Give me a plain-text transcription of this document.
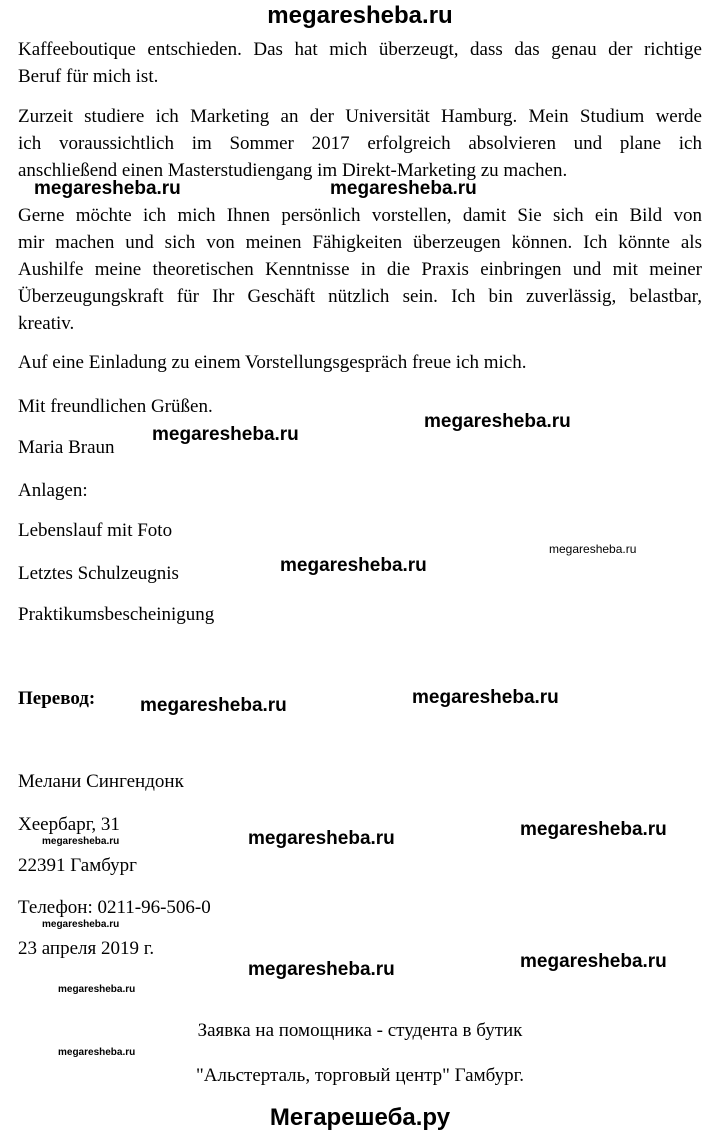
megaresheba.ru
Kaffeeboutique entschieden. Das hat mich überzeugt, dass das genau der richtige
Beruf für mich ist.
Zurzeit studiere ich Marketing an der Universität Hamburg. Mein Studium werde
ich voraussichtlich im Sommer 2017 erfolgreich absolvieren und plane ich
anschließend einen Masterstudiengang im Direkt-Marketing zu machen.
Gerne möchte ich mich Ihnen persönlich vorstellen, damit Sie sich ein Bild von
mir machen und sich von meinen Fähigkeiten überzeugen können. Ich könnte als
Aushilfe meine theoretischen Kenntnisse in die Praxis einbringen und mit meiner
Überzeugungskraft für Ihr Geschäft nützlich sein. Ich bin zuverlässig, belastbar,
kreativ.
Auf eine Einladung zu einem Vorstellungsgespräch freue ich mich.
Mit freundlichen Grüßen.
Maria Braun
Anlagen:
Lebenslauf mit Foto
Letztes Schulzeugnis
Praktikumsbescheinigung
Перевод:
Мелани Сингендонк
Хеербарг, 31
22391 Гамбург
Телефон: 0211-96-506-0
23 апреля 2019 г.
Заявка на помощника - студента в бутик
"Альстерталь, торговый центр" Гамбург.
megaresheba.ru	megaresheba.ru
megaresheba.ru
megaresheba.ru
megaresheba.ru
megaresheba.ru
megaresheba.ru
megaresheba.ru
megaresheba.ru
megaresheba.ru
megaresheba.ru
megaresheba.ru
megaresheba.ru
megaresheba.ru
megaresheba.ru
megaresheba.ru
Мегарешеба.ру
